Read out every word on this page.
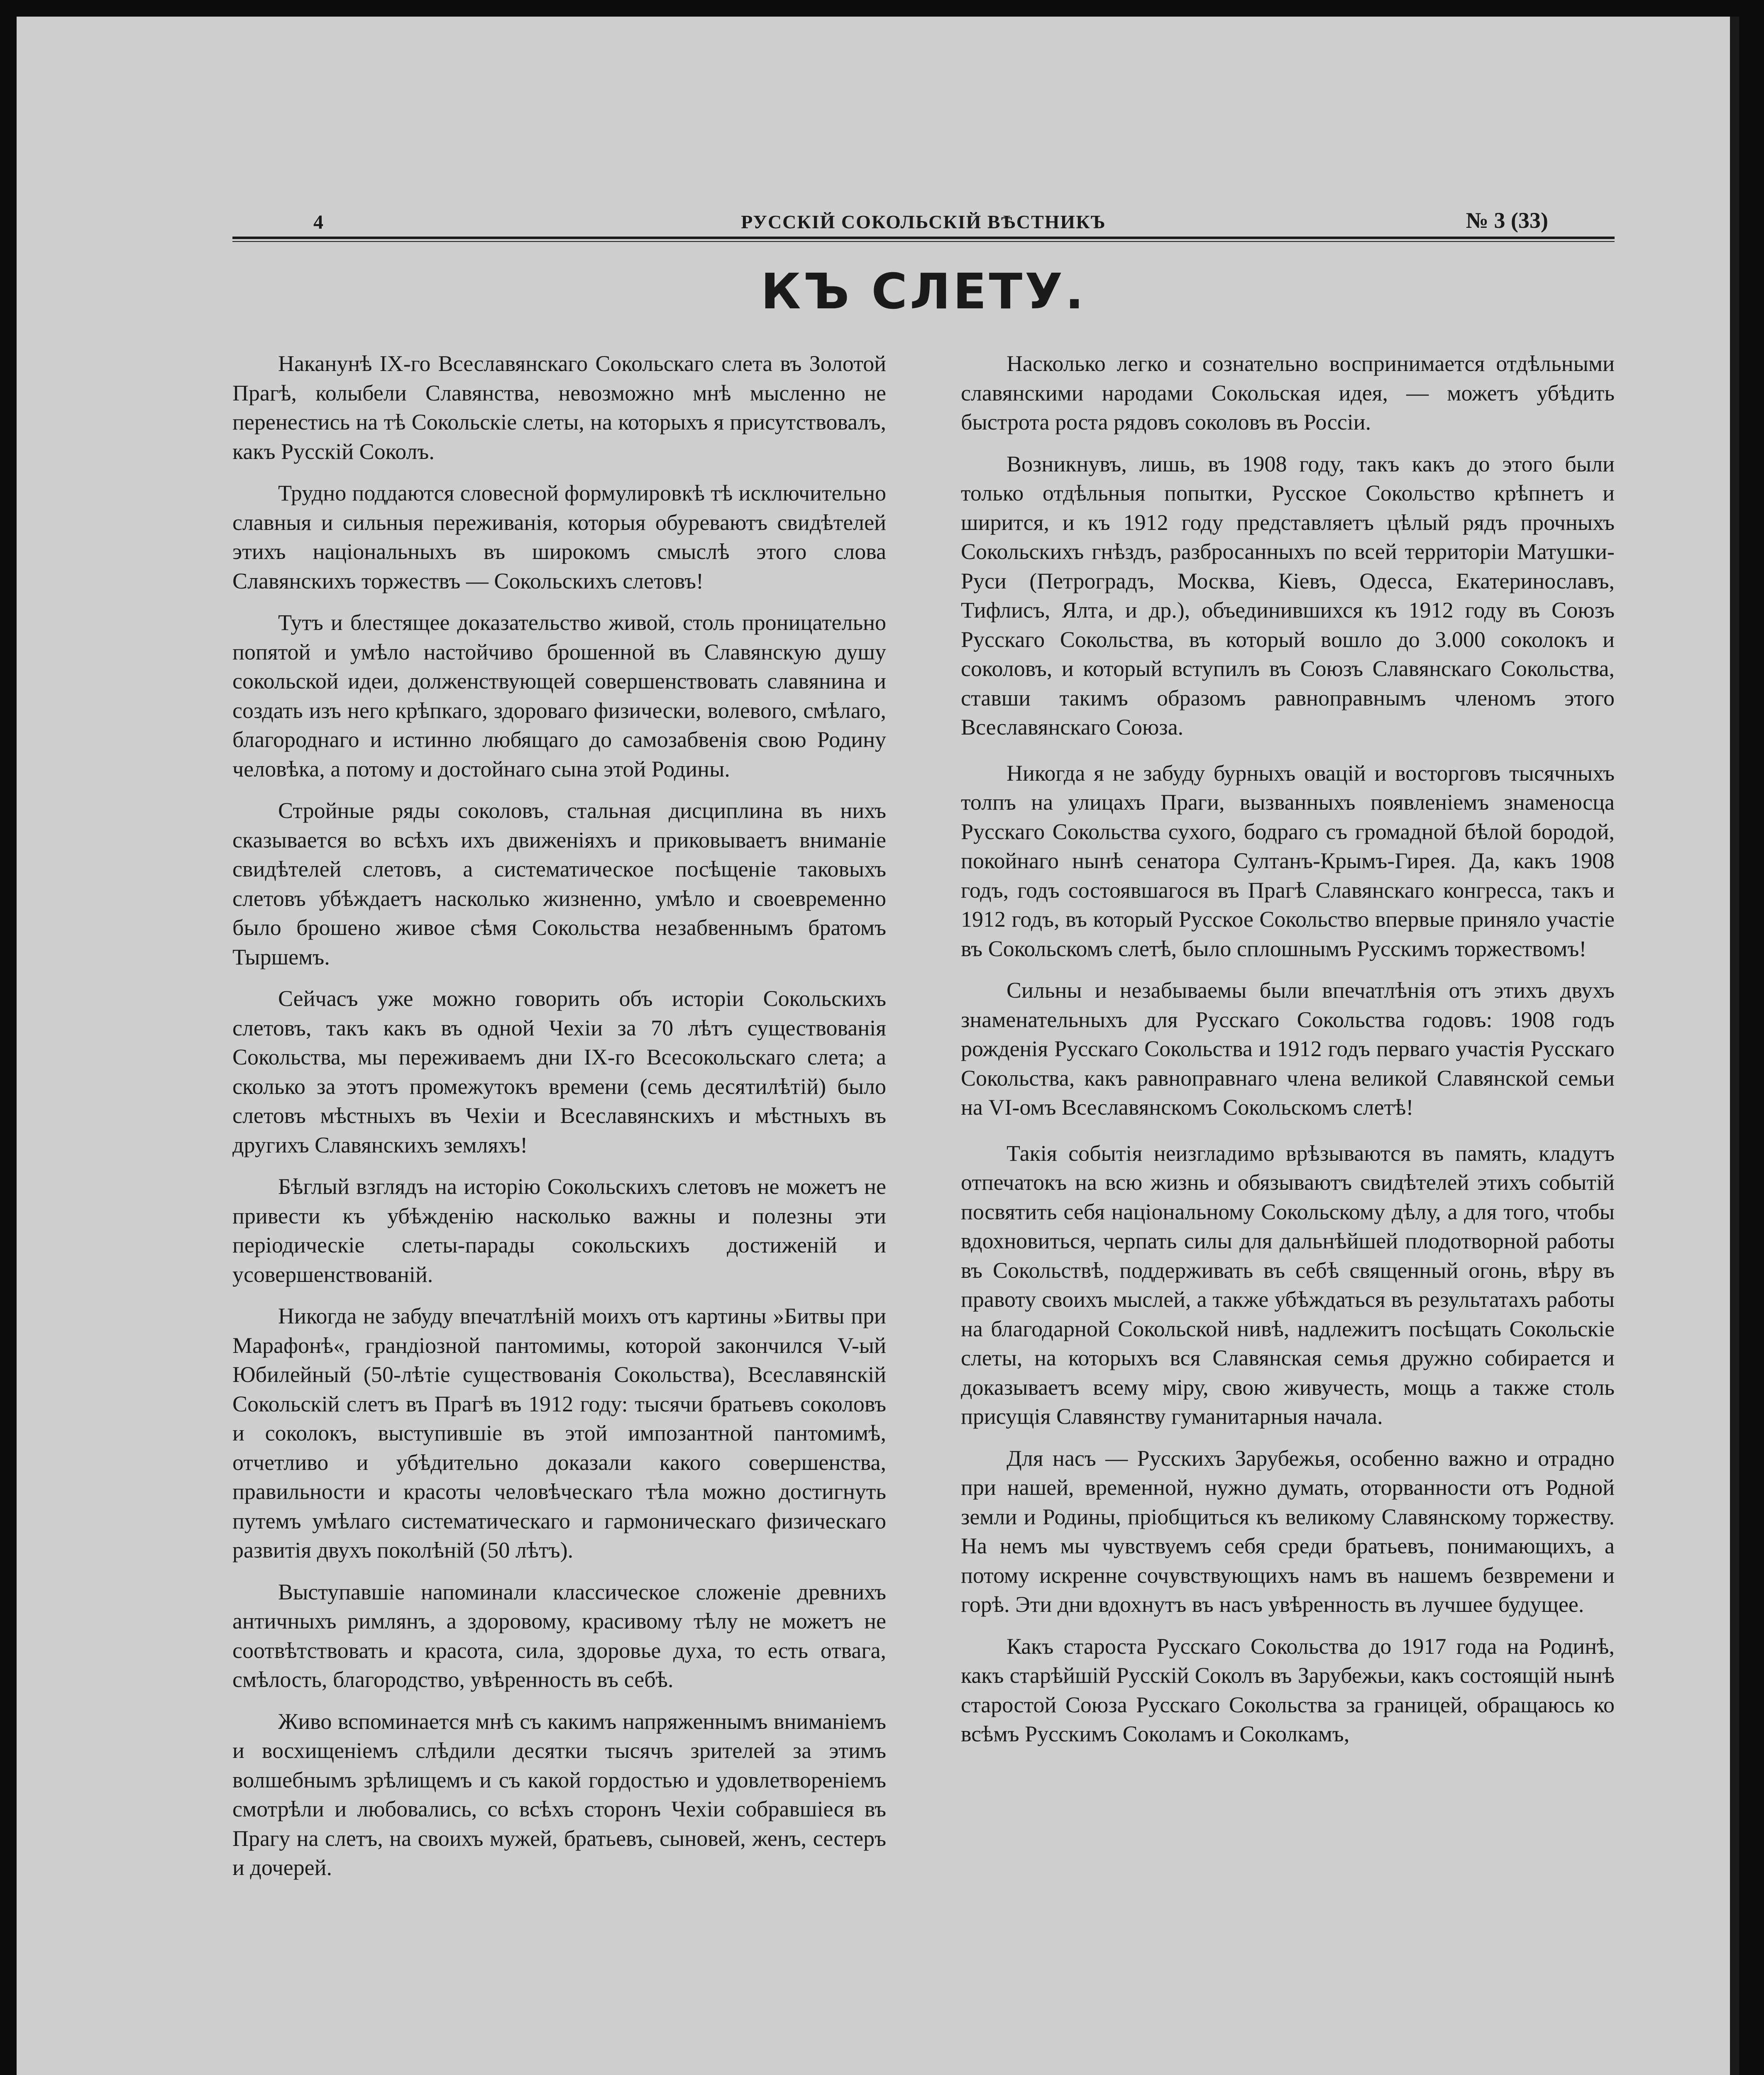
4	РУССКIЙ СОКОЛЬСКIЙ ВѢСТНИКЪ	№ 3 (33)
КЪ СЛЕТУ.

Наканунѣ IX-го Всеславянскаго Сокольскаго слета въ Золотой Прагѣ, колыбели Славянства, невозможно мнѣ мысленно не перенестись на тѣ Сокольскiе слеты, на которыхъ я присутствовалъ, какъ Русскiй Соколъ.

Трудно поддаются словесной формулировкѣ тѣ исключительно славныя и сильныя переживанiя, которыя обуреваютъ свидѣтелей этихъ нацiональныхъ въ широкомъ смыслѣ этого слова Славянскихъ торжествъ — Сокольскихъ слетовъ!

Тутъ и блестящее доказательство живой, столь проницательно попятой и умѣло настойчиво брошенной въ Славянскую душу сокольской идеи, долженствующей совершенствовать славянина и создать изъ него крѣпкаго, здороваго физически, волевого, смѣлаго, благороднаго и истинно любящаго до самозабвенiя свою Родину человѣка, а потому и достойнаго сына этой Родины.

Стройные ряды соколовъ, стальная дисциплина въ нихъ сказывается во всѣхъ ихъ движенiяхъ и приковываетъ вниманiе свидѣтелей слетовъ, а систематическое посѣщенiе таковыхъ слетовъ убѣждаетъ насколько жизненно, умѣло и своевременно было брошено живое сѣмя Сокольства незабвеннымъ братомъ Тыршемъ.

Сейчасъ уже можно говорить объ исторiи Сокольскихъ слетовъ, такъ какъ въ одной Чехiи за 70 лѣтъ существованiя Сокольства, мы переживаемъ дни IX-го Всесокольскаго слета; а сколько за этотъ промежутокъ времени (семь десятилѣтiй) было слетовъ мѣстныхъ въ Чехiи и Всеславянскихъ и мѣстныхъ въ другихъ Славянскихъ земляхъ!

Бѣглый взглядъ на исторiю Сокольскихъ слетовъ не можетъ не привести къ убѣжденiю насколько важны и полезны эти перiодическiе слеты-парады сокольскихъ достиженiй и усовершенствованiй.

Никогда не забуду впечатлѣнiй моихъ отъ картины »Битвы при Марафонѣ«, грандiозной пантомимы, которой закончился V-ый Юбилейный (50-лѣтiе существованiя Сокольства), Всеславянскiй Сокольскiй слетъ въ Прагѣ въ 1912 году: тысячи братьевъ соколовъ и соколокъ, выступившiе въ этой импозантной пантомимѣ, отчетливо и убѣдительно доказали какого совершенства, правильности и красоты человѣческаго тѣла можно достигнуть путемъ умѣлаго систематическаго и гармоническаго физическаго развитiя двухъ поколѣнiй (50 лѣтъ).

Выступавшiе напоминали классическое сложенiе древнихъ античныхъ римлянъ, а здоровому, красивому тѣлу не можетъ не соотвѣтствовать и красота, сила, здоровье духа, то есть отвага, смѣлость, благородство, увѣренность въ себѣ.

Живо вспоминается мнѣ съ какимъ напряженнымъ вниманiемъ и восхищенiемъ слѣдили десятки тысячъ зрителей за этимъ волшебнымъ зрѣлищемъ и съ какой гордостью и удовлетворенiемъ смотрѣли и любовались, со всѣхъ сторонъ Чехiи собравшiеся въ Прагу на слетъ, на своихъ мужей, братьевъ, сыновей, женъ, сестеръ и дочерей.

Насколько легко и сознательно воспринимается отдѣльными славянскими народами Сокольская идея, — можетъ убѣдить быстрота роста рядовъ соколовъ въ Россiи.

Возникнувъ, лишь, въ 1908 году, такъ какъ до этого были только отдѣльныя попытки, Русское Сокольство крѣпнетъ и ширится, и къ 1912 году представляетъ цѣлый рядъ прочныхъ Сокольскихъ гнѣздъ, разбросанныхъ по всей территорiи Матушки-Руси (Петроградъ, Москва, Кiевъ, Одесса, Екатеринославъ, Тифлисъ, Ялта, и др.), объединившихся къ 1912 году въ Союзъ Русскаго Сокольства, въ который вошло до 3.000 соколокъ и соколовъ, и который вступилъ въ Союзъ Славянскаго Сокольства, ставши такимъ образомъ равноправнымъ членомъ этого Всеславянскаго Союза.

Никогда я не забуду бурныхъ овацiй и восторговъ тысячныхъ толпъ на улицахъ Праги, вызванныхъ появленiемъ знаменосца Русскаго Сокольства сухого, бодраго съ громадной бѣлой бородой, покойнаго нынѣ сенатора Султанъ-Крымъ-Гирея. Да, какъ 1908 годъ, годъ состоявшагося въ Прагѣ Славянскаго конгресса, такъ и 1912 годъ, въ который Русское Сокольство впервые приняло участiе въ Сокольскомъ слетѣ, было сплошнымъ Русскимъ торжествомъ!

Сильны и незабываемы были впечатлѣнiя отъ этихъ двухъ знаменательныхъ для Русскаго Сокольства годовъ: 1908 годъ рожденiя Русскаго Сокольства и 1912 годъ перваго участiя Русскаго Сокольства, какъ равноправнаго члена великой Славянской семьи на VI-омъ Всеславянскомъ Сокольскомъ слетѣ!

Такiя событiя неизгладимо врѣзываются въ память, кладутъ отпечатокъ на всю жизнь и обязываютъ свидѣтелей этихъ событiй посвятить себя нацiональному Сокольскому дѣлу, а для того, чтобы вдохновиться, черпать силы для дальнѣйшей плодотворной работы въ Сокольствѣ, поддерживать въ себѣ священный огонь, вѣру въ правоту своихъ мыслей, а также убѣждаться въ результатахъ работы на благодарной Сокольской нивѣ, надлежитъ посѣщать Сокольскiе слеты, на которыхъ вся Славянская семья дружно собирается и доказываетъ всему мiру, свою живучесть, мощь а также столь присущiя Славянству гуманитарныя начала.

Для насъ — Русскихъ Зарубежья, особенно важно и отрадно при нашей, временной, нужно думать, оторванности отъ Родной земли и Родины, прiобщиться къ великому Славянскому торжеству. На немъ мы чувствуемъ себя среди братьевъ, понимающихъ, а потому искренне сочувствующихъ намъ въ нашемъ безвремени и горѣ. Эти дни вдохнутъ въ насъ увѣренность въ лучшее будущее.

Какъ староста Русскаго Сокольства до 1917 года на Родинѣ, какъ старѣйшiй Русскiй Соколъ въ Зарубежьи, какъ состоящiй нынѣ старостой Союза Русскаго Сокольства за границей, обращаюсь ко всѣмъ Русскимъ Соколамъ и Соколкамъ,
